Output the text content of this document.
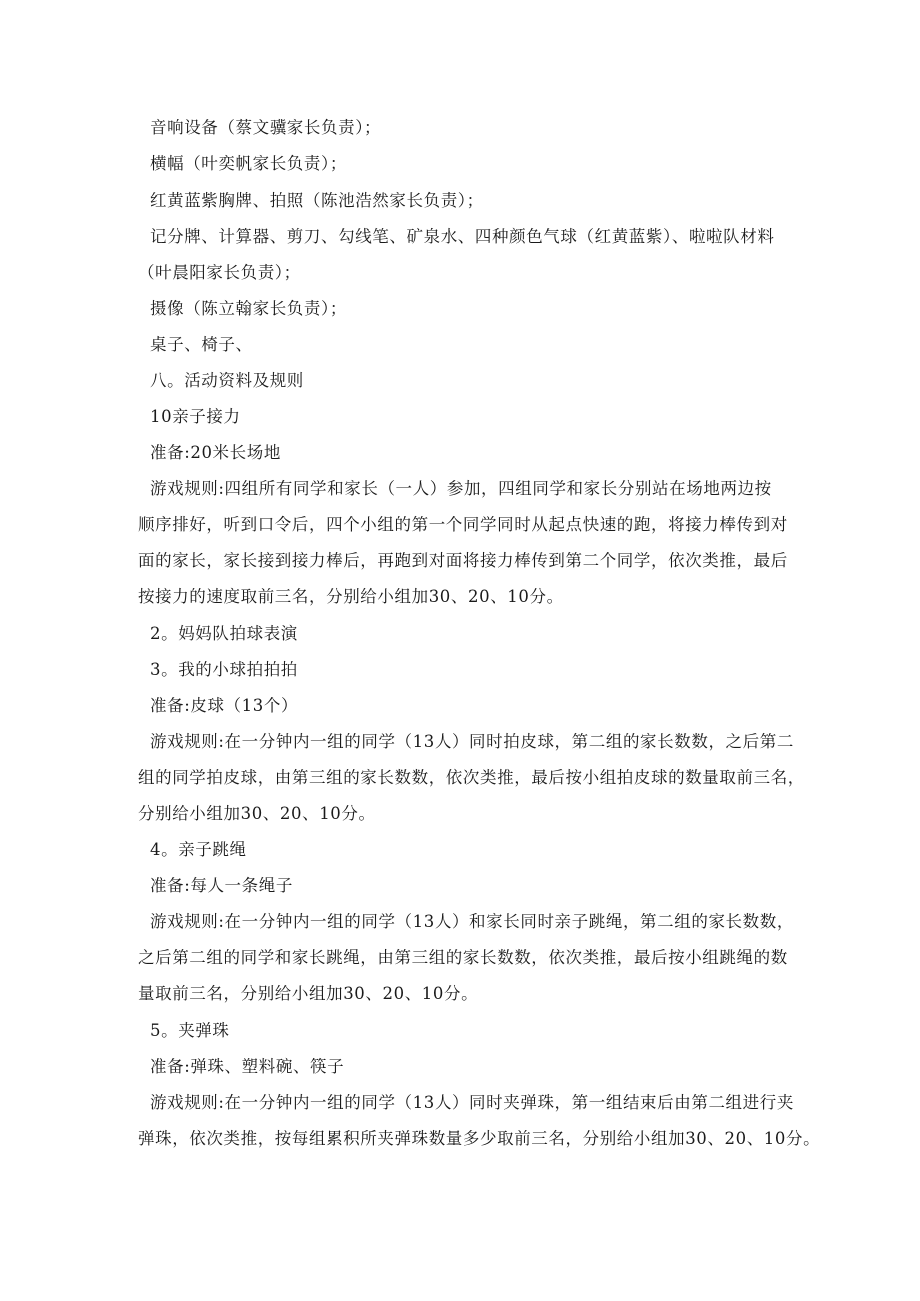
音响设备（蔡文骥家长负责）；
横幅（叶奕帆家长负责）；
红黄蓝紫胸牌、拍照（陈池浩然家长负责）；
记分牌、计算器、剪刀、勾线笔、矿泉水、四种颜色气球（红黄蓝紫）、啦啦队材料
（叶晨阳家长负责）；
摄像（陈立翰家长负责）；
桌子、椅子、
八。活动资料及规则
10亲子接力
准备:20米长场地
游戏规则:四组所有同学和家长（一人）参加，四组同学和家长分别站在场地两边按
顺序排好，听到口令后，四个小组的第一个同学同时从起点快速的跑，将接力棒传到对
面的家长，家长接到接力棒后，再跑到对面将接力棒传到第二个同学，依次类推，最后
按接力的速度取前三名，分别给小组加30、20、10分。
2。妈妈队拍球表演
3。我的小球拍拍拍
准备:皮球（13个）
游戏规则:在一分钟内一组的同学（13人）同时拍皮球，第二组的家长数数，之后第二
组的同学拍皮球，由第三组的家长数数，依次类推，最后按小组拍皮球的数量取前三名，
分别给小组加30、20、10分。
4。亲子跳绳
准备:每人一条绳子
游戏规则:在一分钟内一组的同学（13人）和家长同时亲子跳绳，第二组的家长数数，
之后第二组的同学和家长跳绳，由第三组的家长数数，依次类推，最后按小组跳绳的数
量取前三名，分别给小组加30、20、10分。
5。夹弹珠
准备:弹珠、塑料碗、筷子
游戏规则:在一分钟内一组的同学（13人）同时夹弹珠，第一组结束后由第二组进行夹
弹珠，依次类推，按每组累积所夹弹珠数量多少取前三名，分别给小组加30、20、10分。
